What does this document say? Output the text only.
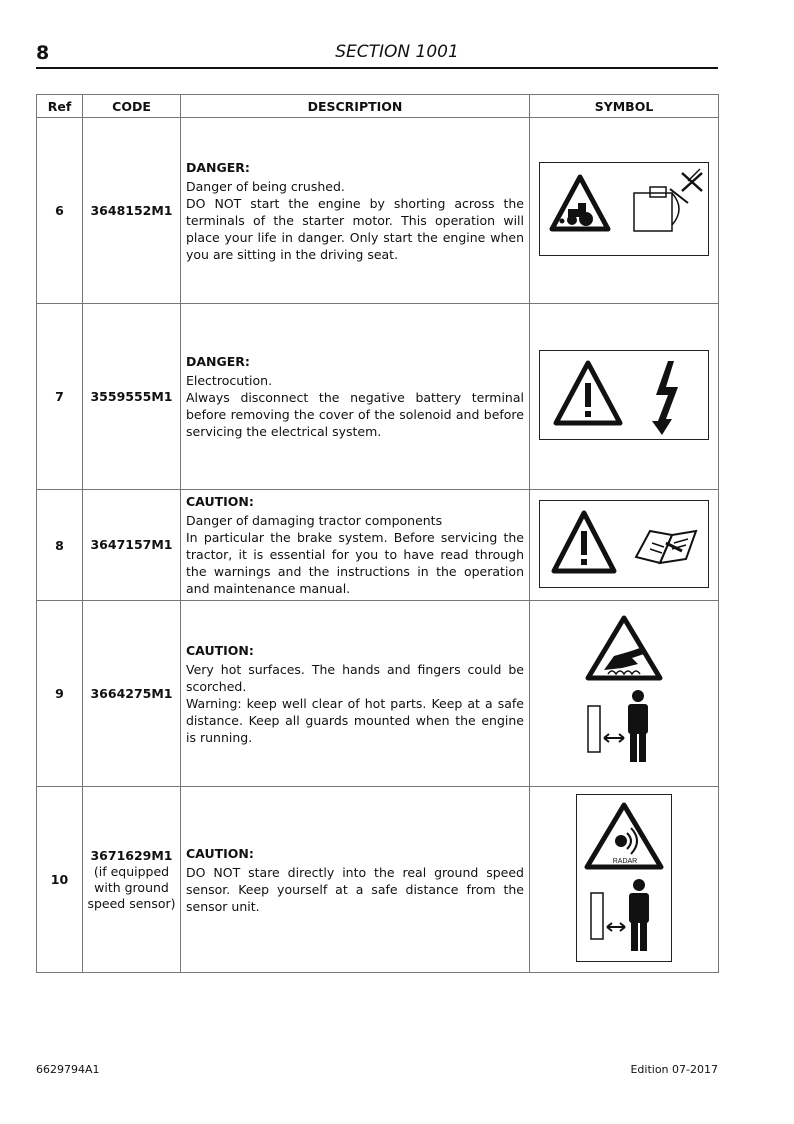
8	SECTION 1001
Ref	CODE	DESCRIPTION	SYMBOL
6	3648152M1	DANGER:
Danger of being crushed.
DO NOT start the engine by shorting across the terminals of the starter motor. This operation will place your life in danger. Only start the engine when you are sitting in the driving seat.

7	3559555M1	DANGER:
Electrocution.
Always disconnect the negative battery terminal before removing the cover of the solenoid and before servicing the electrical system.

8	3647157M1	CAUTION:
Danger of damaging tractor components
In particular the brake system. Before servicing the tractor, it is essential for you to have read through the warnings and the instructions in the operation and maintenance manual.

9	3664275M1	CAUTION:
Very hot surfaces. The hands and fingers could be scorched.
Warning: keep well clear of hot parts. Keep at a safe distance. Keep all guards mounted when the engine is running.

10	3671629M1
(if equipped with ground speed sensor)	CAUTION:
DO NOT stare directly into the real ground speed sensor. Keep yourself at a safe distance from the sensor unit.	RADAR
6629794A1	Edition 07-2017
